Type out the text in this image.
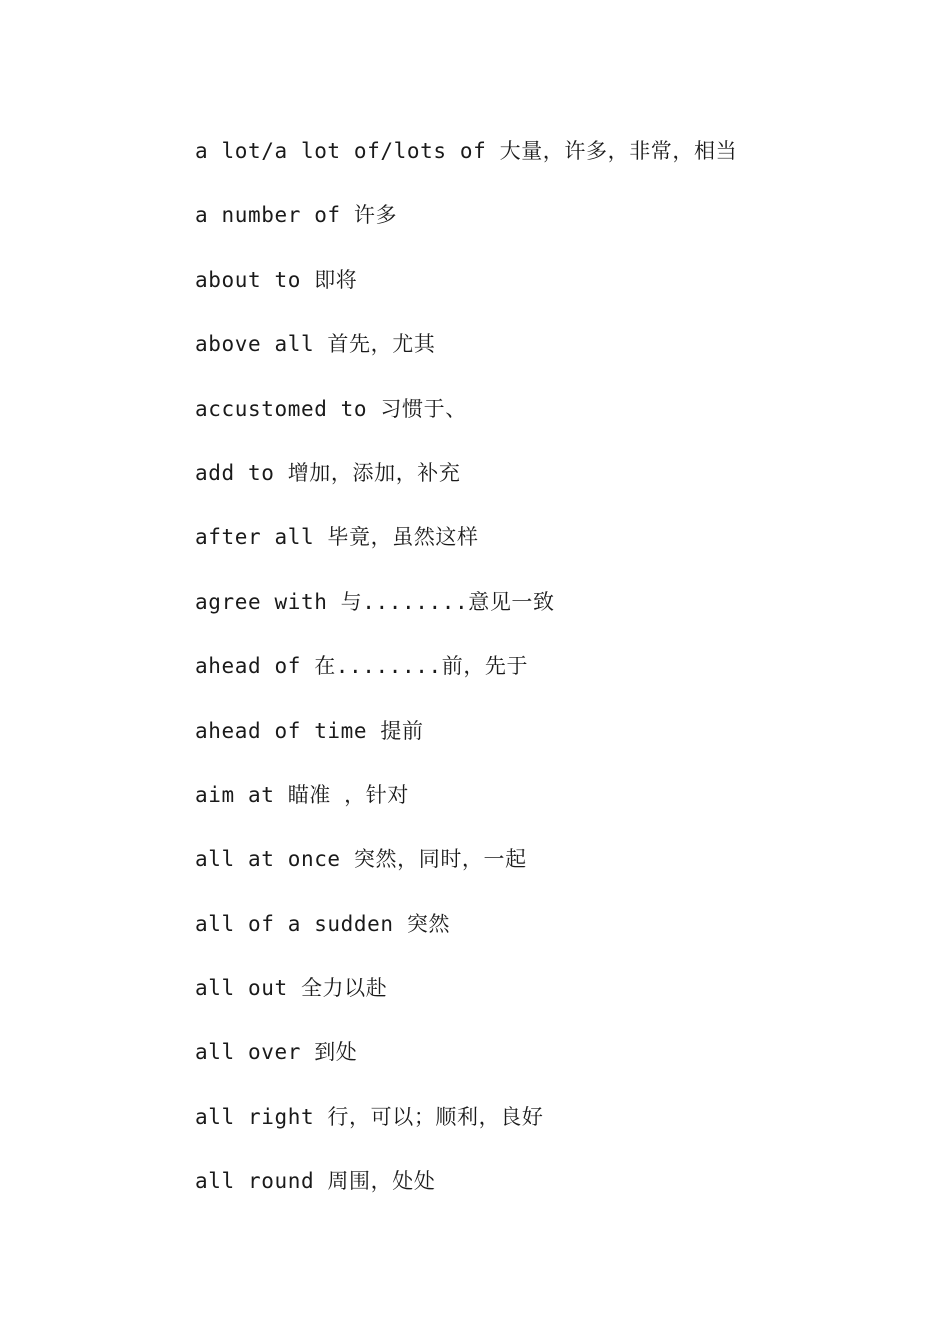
a lot/a lot of/lots of 大量，许多，非常，相当
a number of 许多
about to 即将
above all 首先，尤其
accustomed to 习惯于、
add to 增加，添加，补充
after all 毕竟，虽然这样
agree with 与........意见一致
ahead of 在........前，先于
ahead of time 提前
aim at 瞄准 ，针对
all at once 突然，同时，一起
all of a sudden 突然
all out 全力以赴
all over 到处
all right 行，可以；顺利，良好
all round 周围，处处
